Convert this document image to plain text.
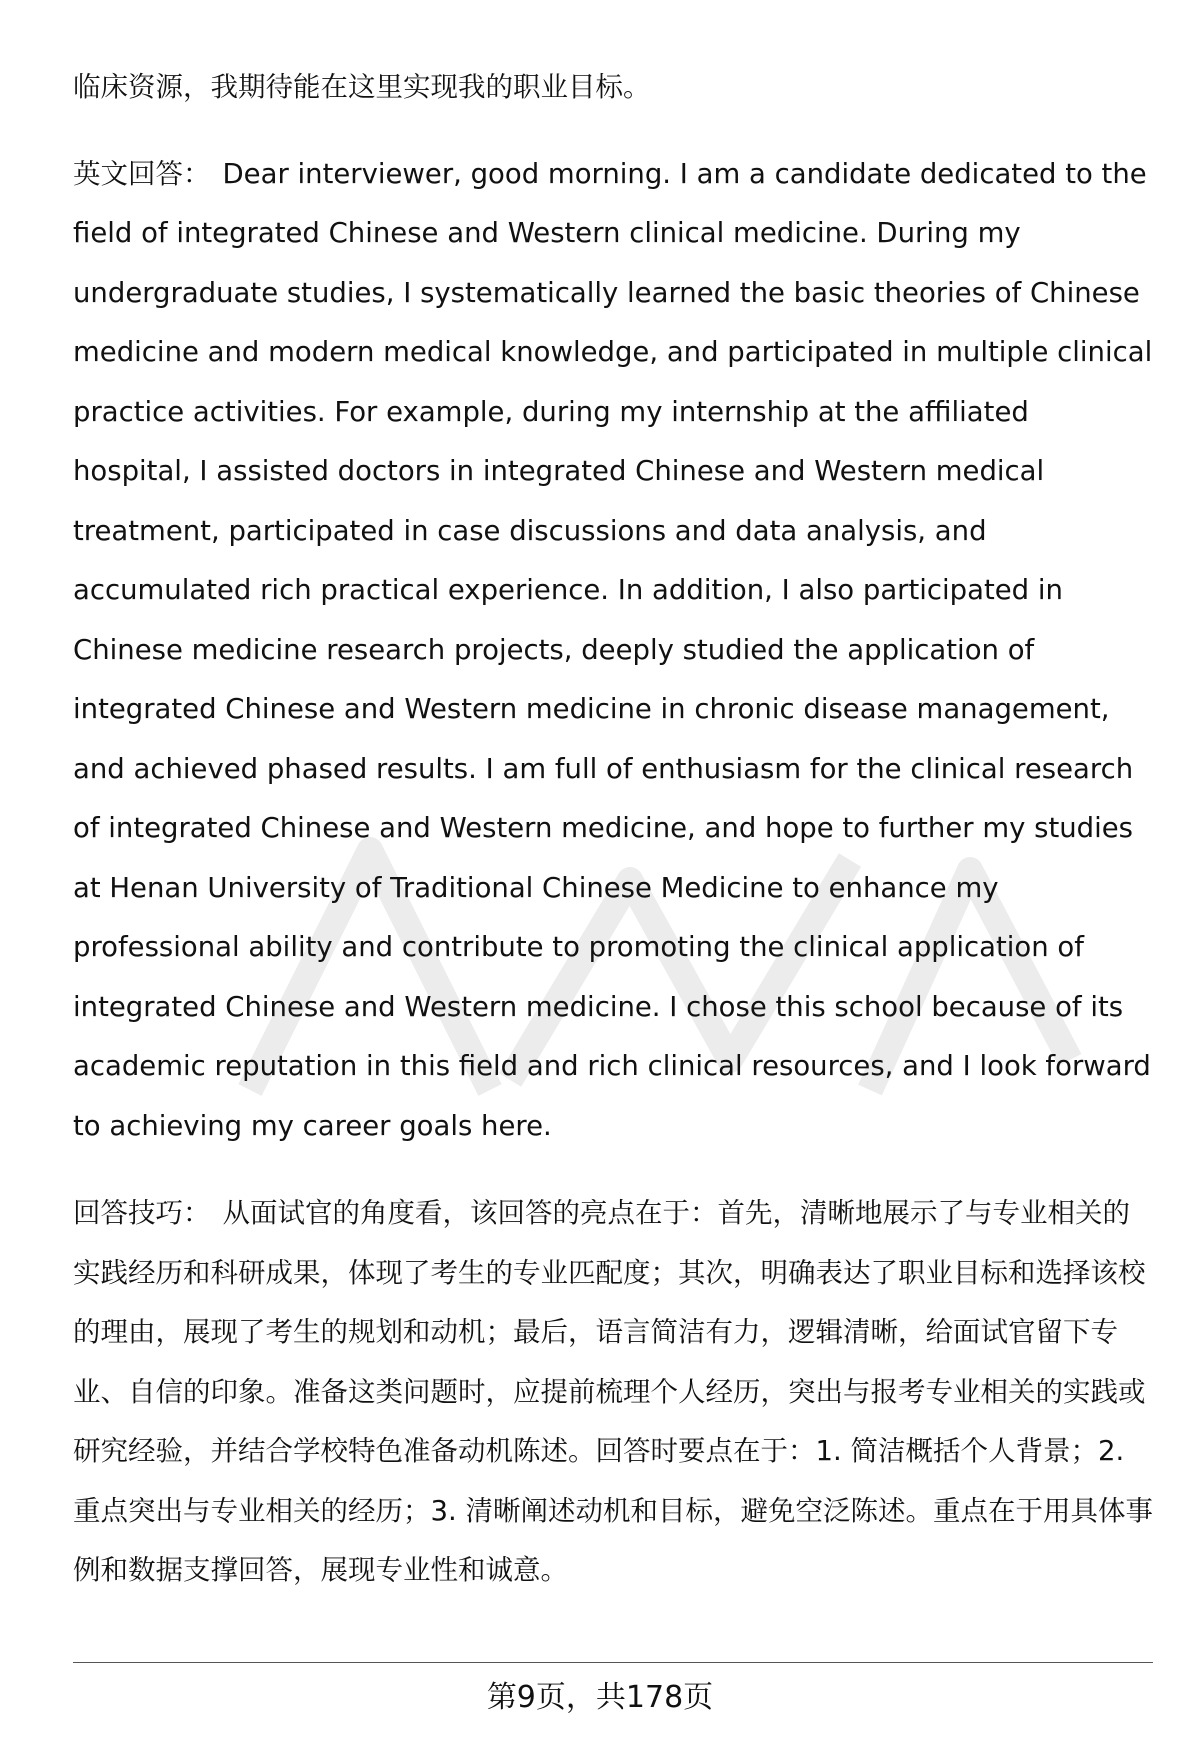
临床资源，我期待能在这里实现我的职业目标。

英文回答： Dear interviewer, good morning. I am a candidate dedicated to the field of integrated Chinese and Western clinical medicine. During my undergraduate studies, I systematically learned the basic theories of Chinese medicine and modern medical knowledge, and participated in multiple clinical practice activities. For example, during my internship at the affiliated hospital, I assisted doctors in integrated Chinese and Western medical treatment, participated in case discussions and data analysis, and accumulated rich practical experience. In addition, I also participated in Chinese medicine research projects, deeply studied the application of integrated Chinese and Western medicine in chronic disease management, and achieved phased results. I am full of enthusiasm for the clinical research of integrated Chinese and Western medicine, and hope to further my studies at Henan University of Traditional Chinese Medicine to enhance my professional ability and contribute to promoting the clinical application of integrated Chinese and Western medicine. I chose this school because of its academic reputation in this field and rich clinical resources, and I look forward to achieving my career goals here.

回答技巧： 从面试官的角度看，该回答的亮点在于：首先，清晰地展示了与专业相关的实践经历和科研成果，体现了考生的专业匹配度；其次，明确表达了职业目标和选择该校的理由，展现了考生的规划和动机；最后，语言简洁有力，逻辑清晰，给面试官留下专业、自信的印象。准备这类问题时，应提前梳理个人经历，突出与报考专业相关的实践或研究经验，并结合学校特色准备动机陈述。回答时要点在于：1. 简洁概括个人背景；2. 重点突出与专业相关的经历；3. 清晰阐述动机和目标，避免空泛陈述。重点在于用具体事例和数据支撑回答，展现专业性和诚意。

第9页，共178页
